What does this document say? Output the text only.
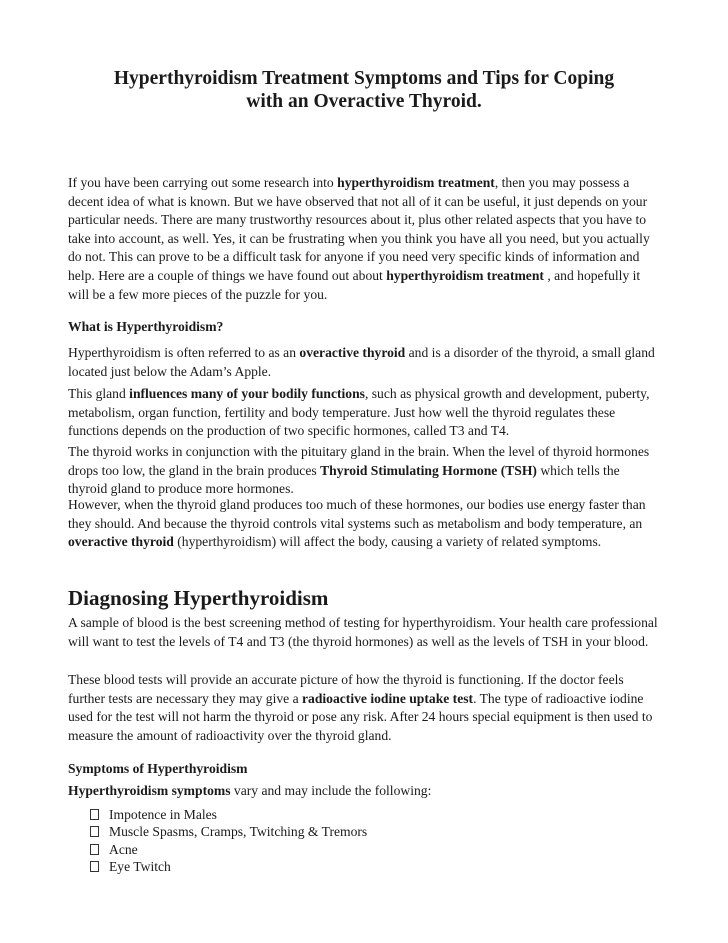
Hyperthyroidism Treatment Symptoms and Tips for Coping
with an Overactive Thyroid.

If you have been carrying out some research into hyperthyroidism treatment, then you may possess a decent idea of what is known. But we have observed that not all of it can be useful, it just depends on your particular needs. There are many trustworthy resources about it, plus other related aspects that you have to take into account, as well. Yes, it can be frustrating when you think you have all you need, but you actually do not. This can prove to be a difficult task for anyone if you need very specific kinds of information and help. Here are a couple of things we have found out about hyperthyroidism treatment , and hopefully it will be a few more pieces of the puzzle for you.

What is Hyperthyroidism?

Hyperthyroidism is often referred to as an overactive thyroid and is a disorder of the thyroid, a small gland located just below the Adam’s Apple.

This gland influences many of your bodily functions, such as physical growth and development, puberty, metabolism, organ function, fertility and body temperature. Just how well the thyroid regulates these functions depends on the production of two specific hormones, called T3 and T4.

The thyroid works in conjunction with the pituitary gland in the brain. When the level of thyroid hormones drops too low, the gland in the brain produces Thyroid Stimulating Hormone (TSH) which tells the thyroid gland to produce more hormones.

However, when the thyroid gland produces too much of these hormones, our bodies use energy faster than they should. And because the thyroid controls vital systems such as metabolism and body temperature, an overactive thyroid (hyperthyroidism) will affect the body, causing a variety of related symptoms.

Diagnosing Hyperthyroidism

A sample of blood is the best screening method of testing for hyperthyroidism. Your health care professional will want to test the levels of T4 and T3 (the thyroid hormones) as well as the levels of TSH in your blood.

These blood tests will provide an accurate picture of how the thyroid is functioning. If the doctor feels further tests are necessary they may give a radioactive iodine uptake test. The type of radioactive iodine used for the test will not harm the thyroid or pose any risk. After 24 hours special equipment is then used to measure the amount of radioactivity over the thyroid gland.

Symptoms of Hyperthyroidism

Hyperthyroidism symptoms vary and may include the following:

Impotence in Males
Muscle Spasms, Cramps, Twitching & Tremors
Acne
Eye Twitch
